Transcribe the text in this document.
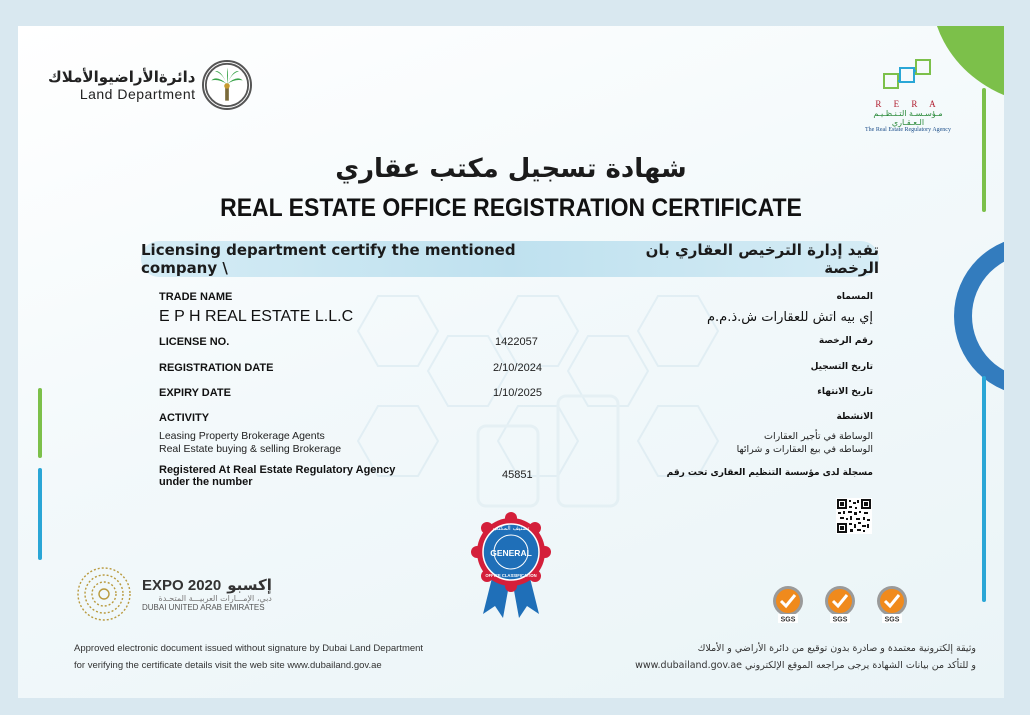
دائرةالأراضيوالأملاك
Land Department
R E R A
مـؤسـسـة التـنـظـيـم الـعـقـاري
The Real Estate Regulatory Agency
شهادة تسجيل مكتب عقاري
REAL ESTATE OFFICE REGISTRATION CERTIFICATE
Licensing department certify the mentioned company \
تفيد إدارة الترخيص العقاري بان الرخصة
TRADE NAME	المسماه
E P H REAL ESTATE L.L.C	إي بيه اتش للعقارات ش.ذ.م.م
LICENSE NO.	1422057	رقم الرخصة
REGISTRATION DATE	2/10/2024	تاريخ التسجيل
EXPIRY DATE	1/10/2025	تاريخ الانتهاء
ACTIVITY	الانشطة
Leasing Property Brokerage Agents
Real Estate buying & selling Brokerage
الوساطة في تأجير العقارات
الوساطه في بيع العقارات و شرائها
Registered At Real Estate Regulatory Agency
under the number
45851	مسجلة لدى مؤسسة التنظيم العقارى تحت رقم
GENERAL
تصنيف المكتب
OFFICE CLASSIFICATION
EXPO 2020 إكسبو
دبي، الإمـــارات العربيـــة المتحـدة
DUBAI UNITED ARAB EMIRATES
SGS	SGS	SGS
Approved electronic document issued without signature by Dubai Land Department
for verifying the certificate details visit the web site www.dubailand.gov.ae
وثيقة إلكترونية معتمدة و صادرة بدون توقيع من دائرة الأراضي و الأملاك
و للتأكد من بيانات الشهادة يرجى مراجعه الموقع الإلكتروني www.dubailand.gov.ae
